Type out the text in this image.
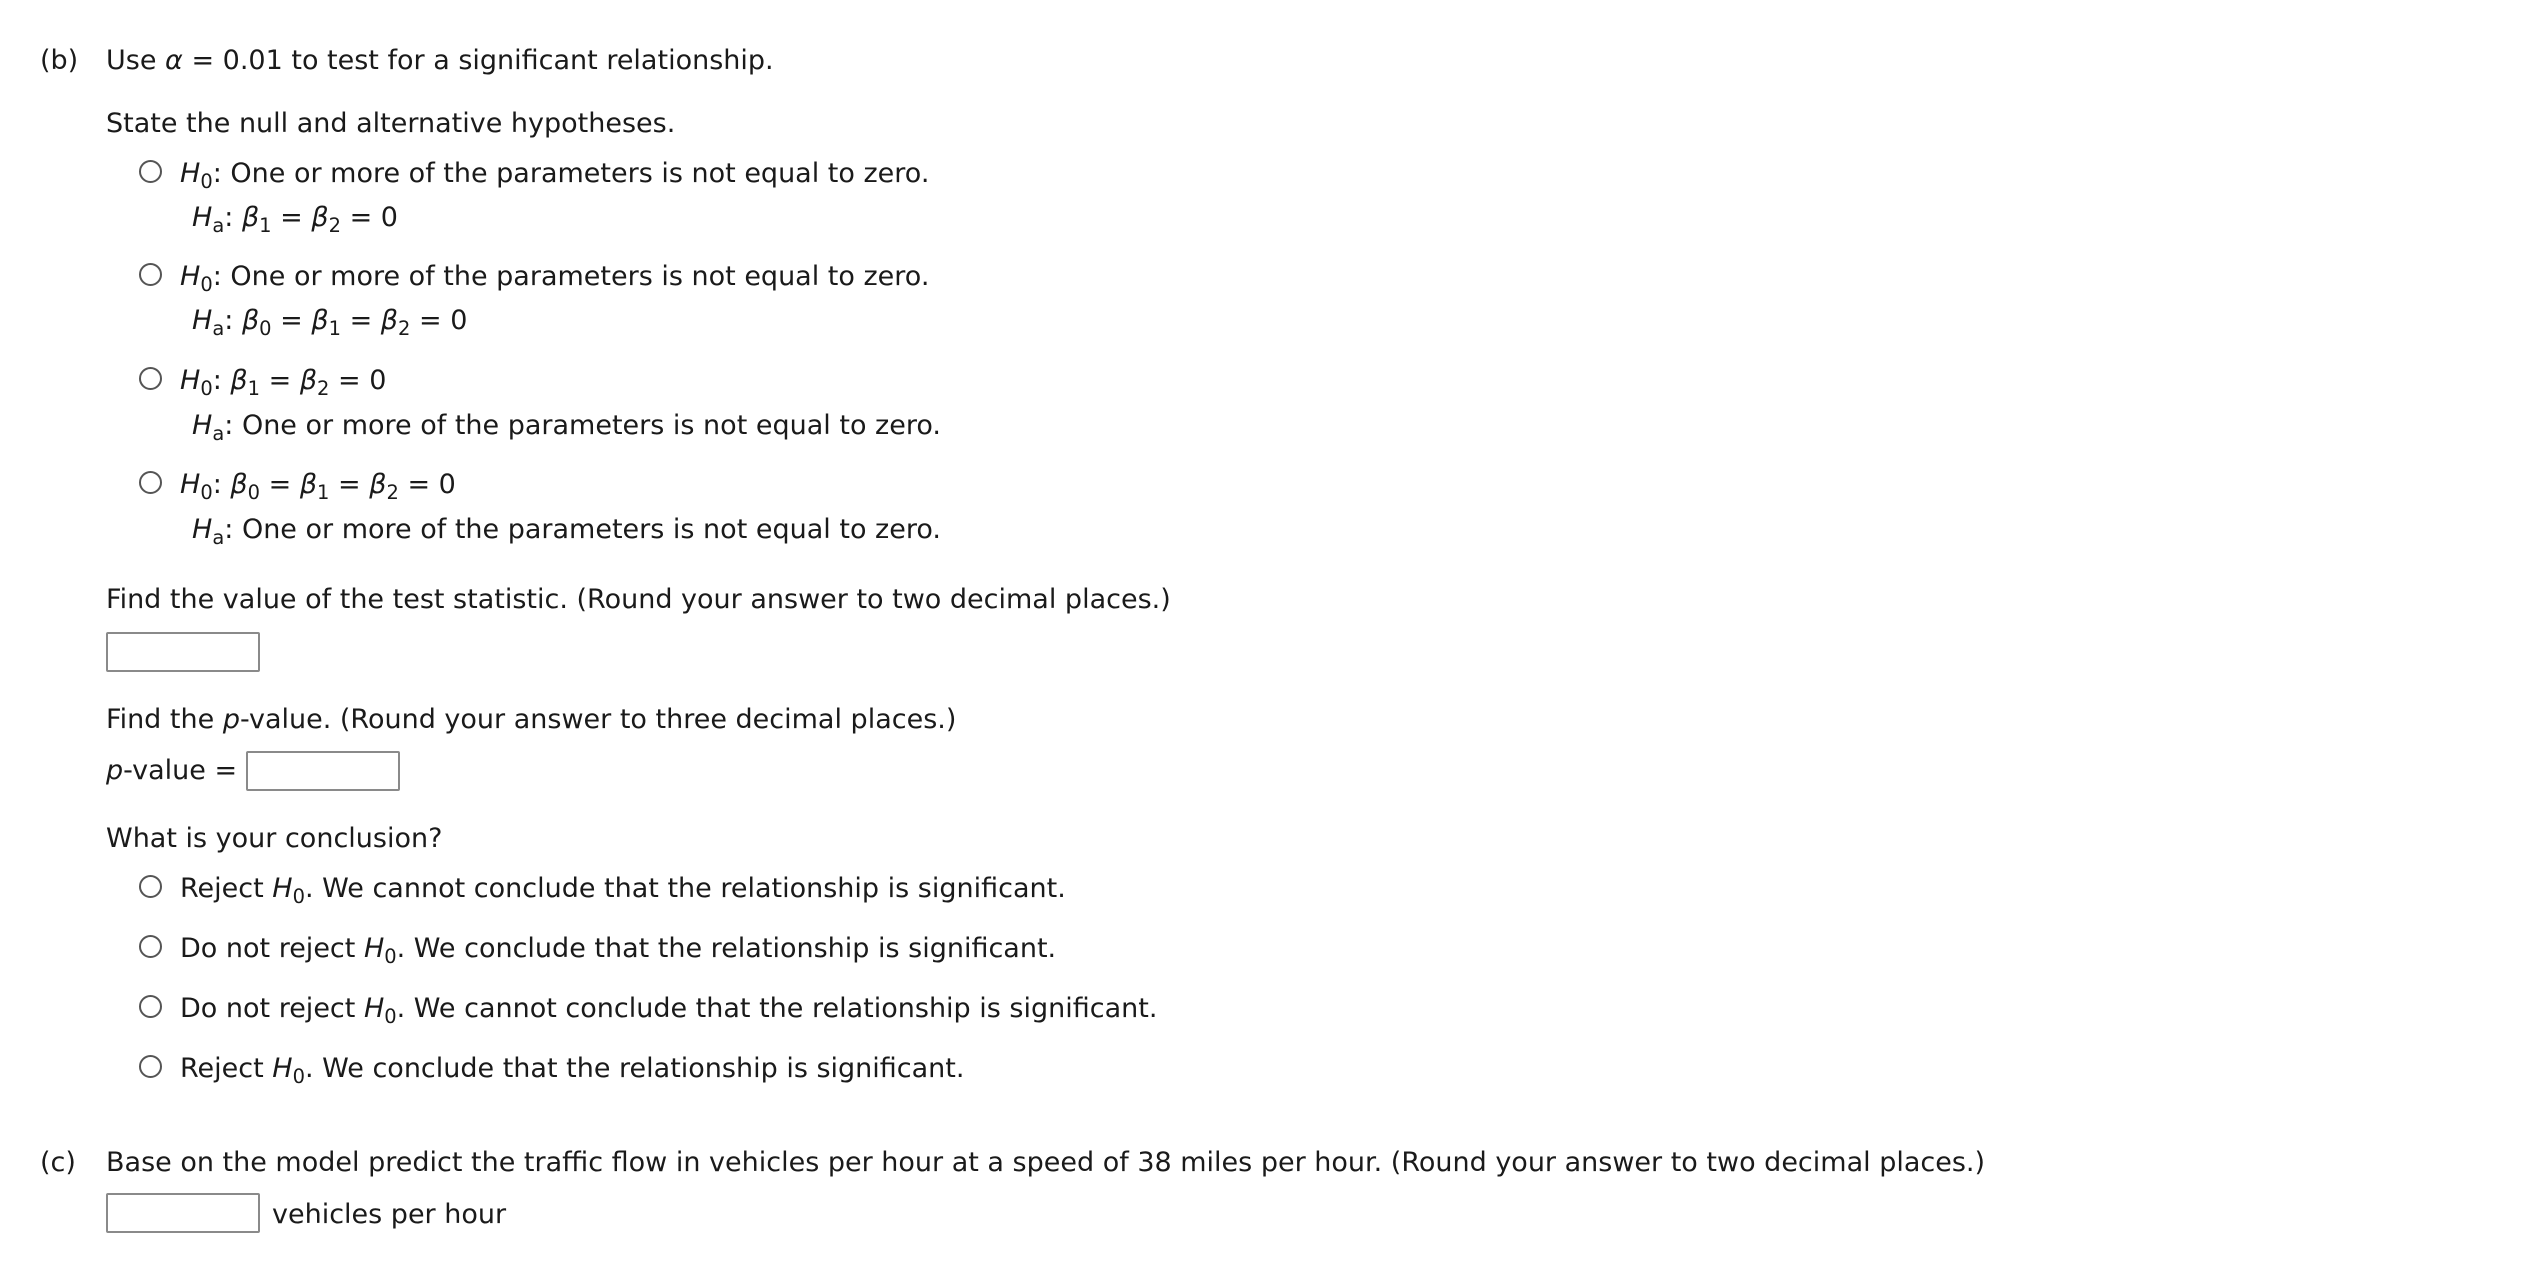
(b) Use α = 0.01 to test for a significant relationship.
State the null and alternative hypotheses.
$H_0$: One or more of the parameters is not equal to zero.
$H_a$: $\beta_1 = \beta_2 = 0$
$H_0$: One or more of the parameters is not equal to zero.
$H_a$: $\beta_0 = \beta_1 = \beta_2 = 0$
$H_0$: $\beta_1 = \beta_2 = 0$
$H_a$: One or more of the parameters is not equal to zero.
$H_0$: $\beta_0 = \beta_1 = \beta_2 = 0$
$H_a$: One or more of the parameters is not equal to zero.
Find the value of the test statistic. (Round your answer to two decimal places.)
Find the p-value. (Round your answer to three decimal places.)
p-value =
What is your conclusion?
Reject $H_0$. We cannot conclude that the relationship is significant.
Do not reject $H_0$. We conclude that the relationship is significant.
Do not reject $H_0$. We cannot conclude that the relationship is significant.
Reject $H_0$. We conclude that the relationship is significant.
(c) Base on the model predict the traffic flow in vehicles per hour at a speed of 38 miles per hour. (Round your answer to two decimal places.)
vehicles per hour
